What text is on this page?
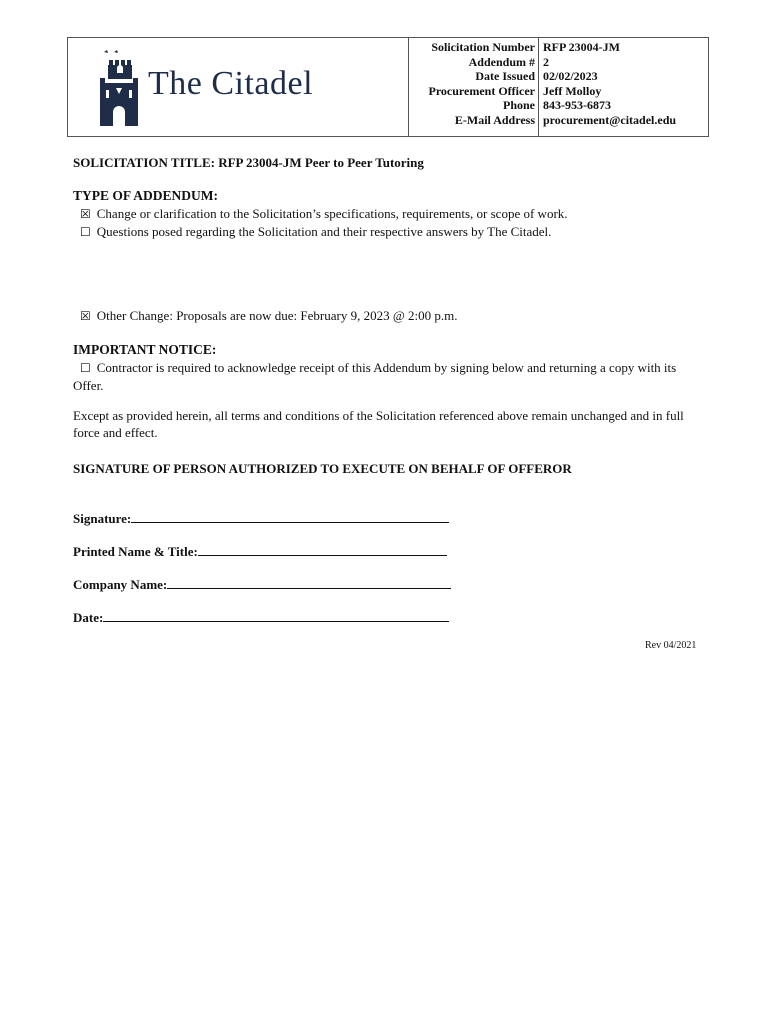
The Citadel
Solicitation Number
Addendum #
Date Issued
Procurement Officer
Phone
E-Mail Address
RFP 23004-JM
2
02/02/2023
Jeff Molloy
843-953-6873
procurement@citadel.edu
SOLICITATION TITLE: RFP 23004-JM Peer to Peer Tutoring
TYPE OF ADDENDUM:
☒ Change or clarification to the Solicitation’s specifications, requirements, or scope of work.
☐ Questions posed regarding the Solicitation and their respective answers by The Citadel.
☒ Other Change: Proposals are now due: February 9, 2023 @ 2:00 p.m.
IMPORTANT NOTICE:
☐ Contractor is required to acknowledge receipt of this Addendum by signing below and returning a copy with its Offer.
Except as provided herein, all terms and conditions of the Solicitation referenced above remain unchanged and in full force and effect.
SIGNATURE OF PERSON AUTHORIZED TO EXECUTE ON BEHALF OF OFFEROR
Signature:
Printed Name & Title:
Company Name:
Date:
Rev 04/2021
